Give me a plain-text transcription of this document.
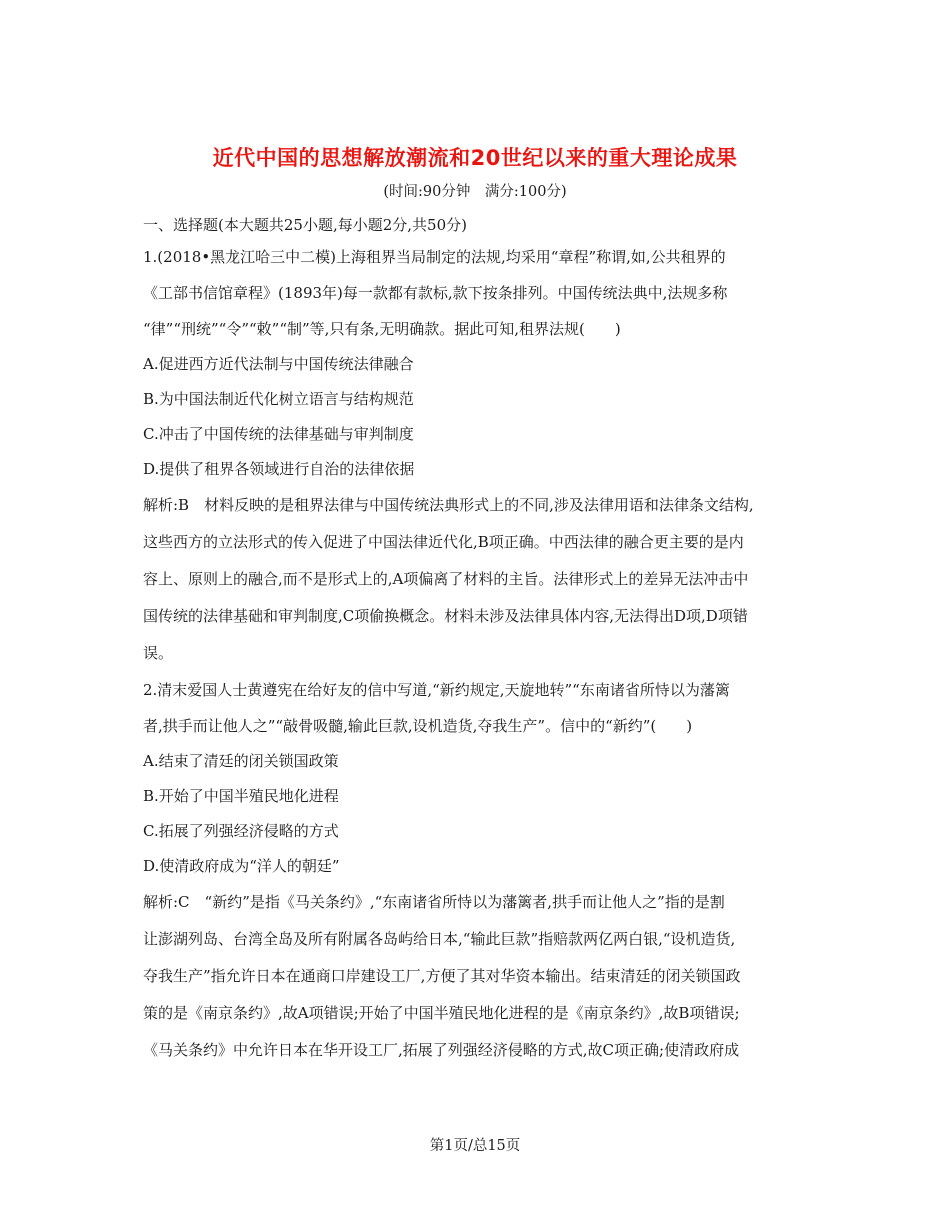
近代中国的思想解放潮流和20世纪以来的重大理论成果
(时间:90分钟　满分:100分)
一、选择题(本大题共25小题,每小题2分,共50分)
1.(2018•黑龙江哈三中二模)上海租界当局制定的法规,均采用“章程”称谓,如,公共租界的
《工部书信馆章程》(1893年)每一款都有款标,款下按条排列。中国传统法典中,法规多称
“律”“刑统”“令”“敕”“制”等,只有条,无明确款。据此可知,租界法规(　　)
A.促进西方近代法制与中国传统法律融合
B.为中国法制近代化树立语言与结构规范
C.冲击了中国传统的法律基础与审判制度
D.提供了租界各领域进行自治的法律依据
解析:B　材料反映的是租界法律与中国传统法典形式上的不同,涉及法律用语和法律条文结构,
这些西方的立法形式的传入促进了中国法律近代化,B项正确。中西法律的融合更主要的是内
容上、原则上的融合,而不是形式上的,A项偏离了材料的主旨。法律形式上的差异无法冲击中
国传统的法律基础和审判制度,C项偷换概念。材料未涉及法律具体内容,无法得出D项,D项错
误。
2.清末爱国人士黄遵宪在给好友的信中写道,“新约规定,天旋地转”“东南诸省所恃以为藩篱
者,拱手而让他人之”“敲骨吸髓,输此巨款,设机造货,夺我生产”。信中的“新约”(　　)
A.结束了清廷的闭关锁国政策
B.开始了中国半殖民地化进程
C.拓展了列强经济侵略的方式
D.使清政府成为“洋人的朝廷”
解析:C　“新约”是指《马关条约》,“东南诸省所恃以为藩篱者,拱手而让他人之”指的是割
让澎湖列岛、台湾全岛及所有附属各岛屿给日本,“输此巨款”指赔款两亿两白银,“设机造货,
夺我生产”指允许日本在通商口岸建设工厂,方便了其对华资本输出。结束清廷的闭关锁国政
策的是《南京条约》,故A项错误;开始了中国半殖民地化进程的是《南京条约》,故B项错误;
《马关条约》中允许日本在华开设工厂,拓展了列强经济侵略的方式,故C项正确;使清政府成
第1页/总15页
